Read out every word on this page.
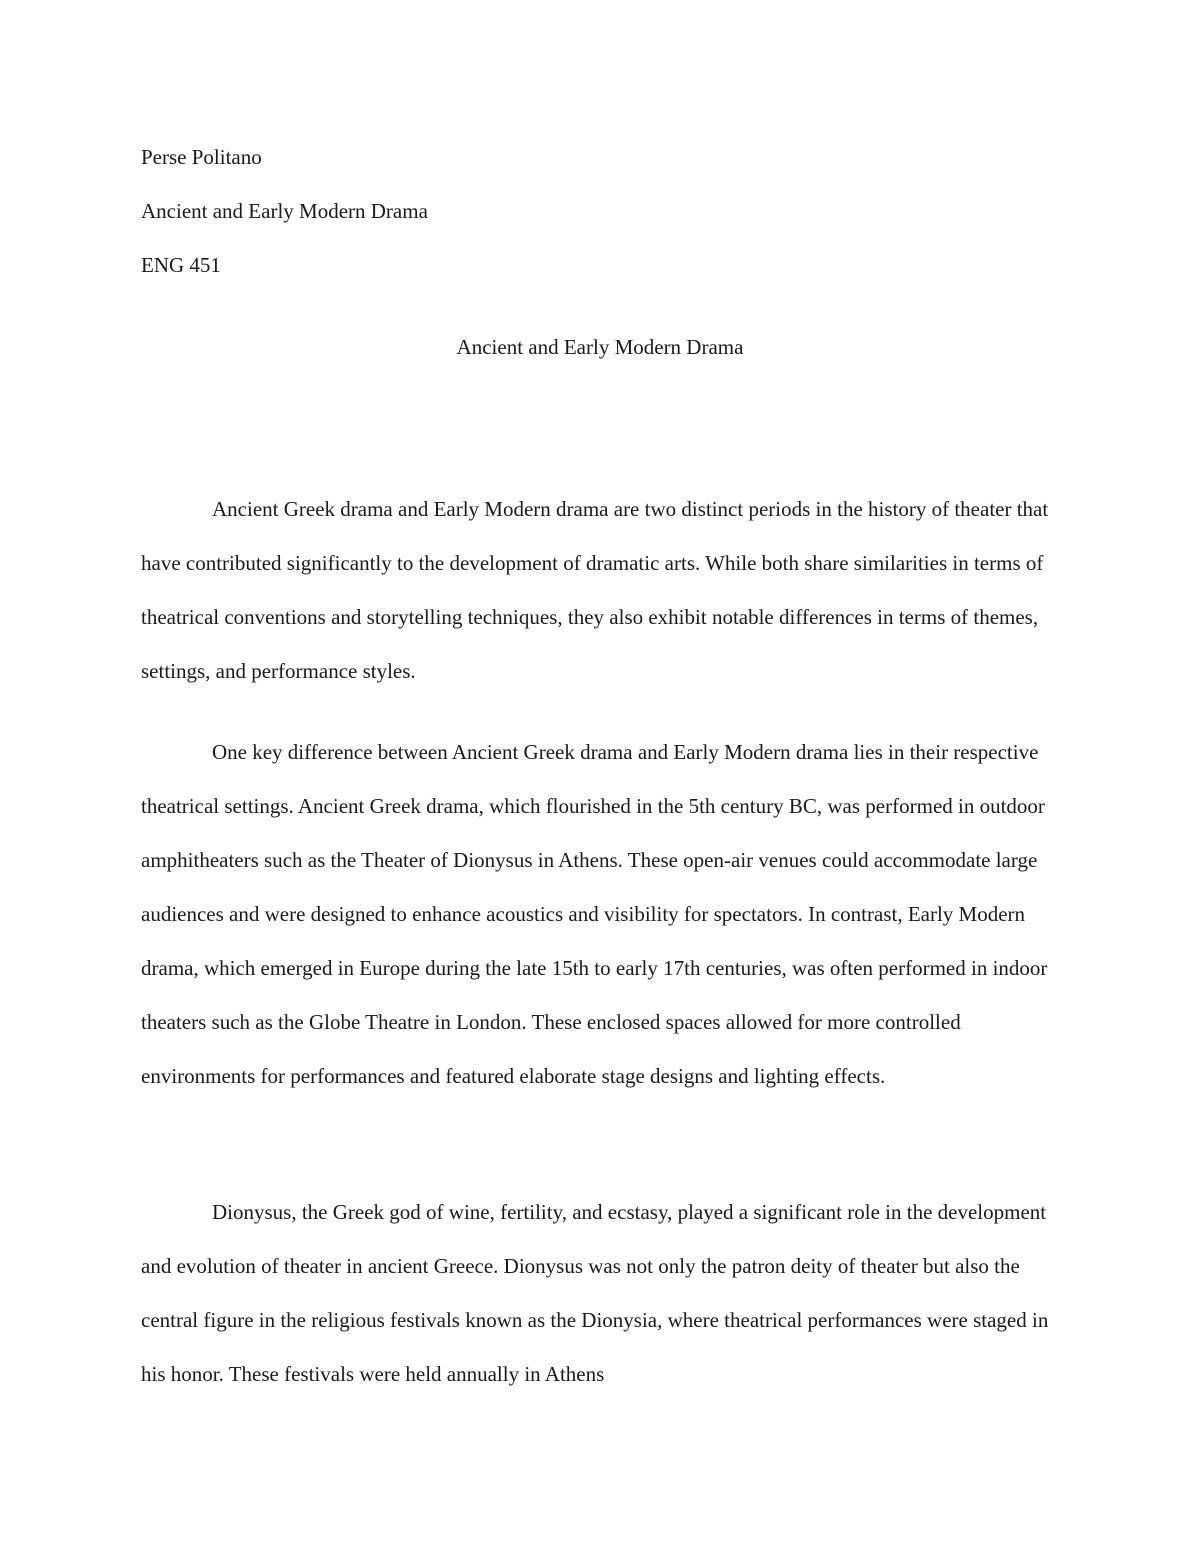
Perse Politano
Ancient and Early Modern Drama
ENG 451
Ancient and Early Modern Drama

Ancient Greek drama and Early Modern drama are two distinct periods in the history of theater that have contributed significantly to the development of dramatic arts. While both share similarities in terms of theatrical conventions and storytelling techniques, they also exhibit notable differences in terms of themes, settings, and performance styles.

One key difference between Ancient Greek drama and Early Modern drama lies in their respective theatrical settings. Ancient Greek drama, which flourished in the 5th century BC, was performed in outdoor amphitheaters such as the Theater of Dionysus in Athens. These open-air venues could accommodate large audiences and were designed to enhance acoustics and visibility for spectators. In contrast, Early Modern drama, which emerged in Europe during the late 15th to early 17th centuries, was often performed in indoor theaters such as the Globe Theatre in London. These enclosed spaces allowed for more controlled environments for performances and featured elaborate stage designs and lighting effects.

Dionysus, the Greek god of wine, fertility, and ecstasy, played a significant role in the development and evolution of theater in ancient Greece. Dionysus was not only the patron deity of theater but also the central figure in the religious festivals known as the Dionysia, where theatrical performances were staged in his honor. These festivals were held annually in Athens
